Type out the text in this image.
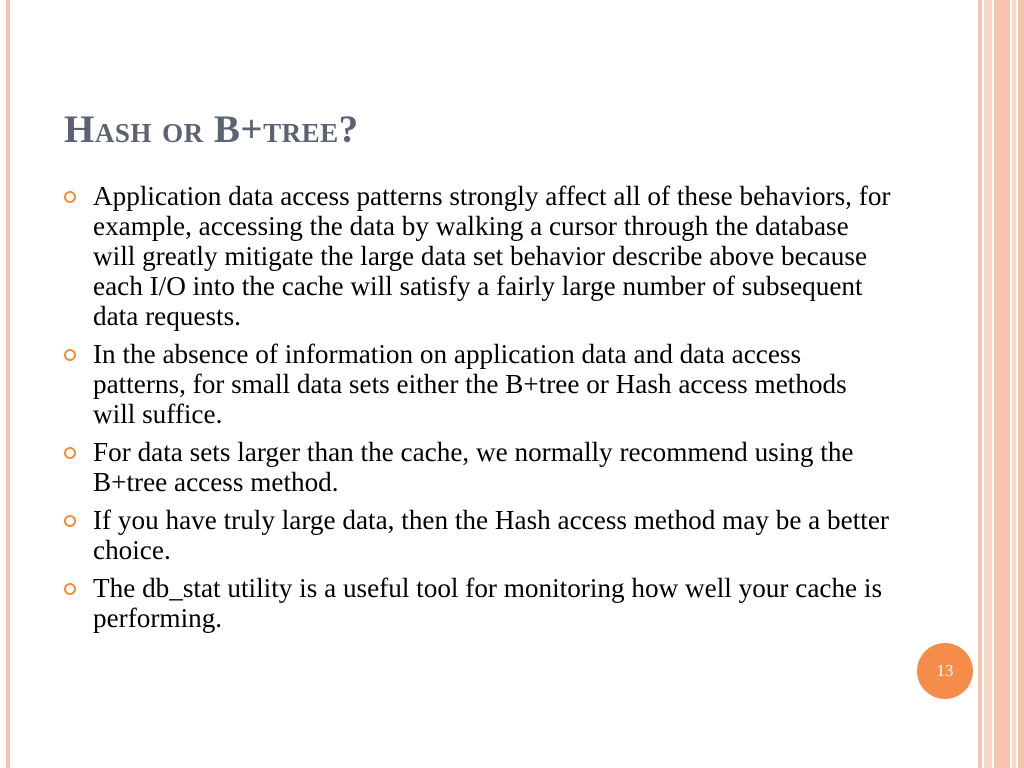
Hash or B+tree?
Application data access patterns strongly affect all of these behaviors, for example, accessing the data by walking a cursor through the database will greatly mitigate the large data set behavior describe above because each I/O into the cache will satisfy a fairly large number of subsequent data requests.
In the absence of information on application data and data access patterns, for small data sets either the B+tree or Hash access methods will suffice.
For data sets larger than the cache, we normally recommend using the B+tree access method.
If you have truly large data, then the Hash access method may be a better choice.
The db_stat utility is a useful tool for monitoring how well your cache is performing.
13
